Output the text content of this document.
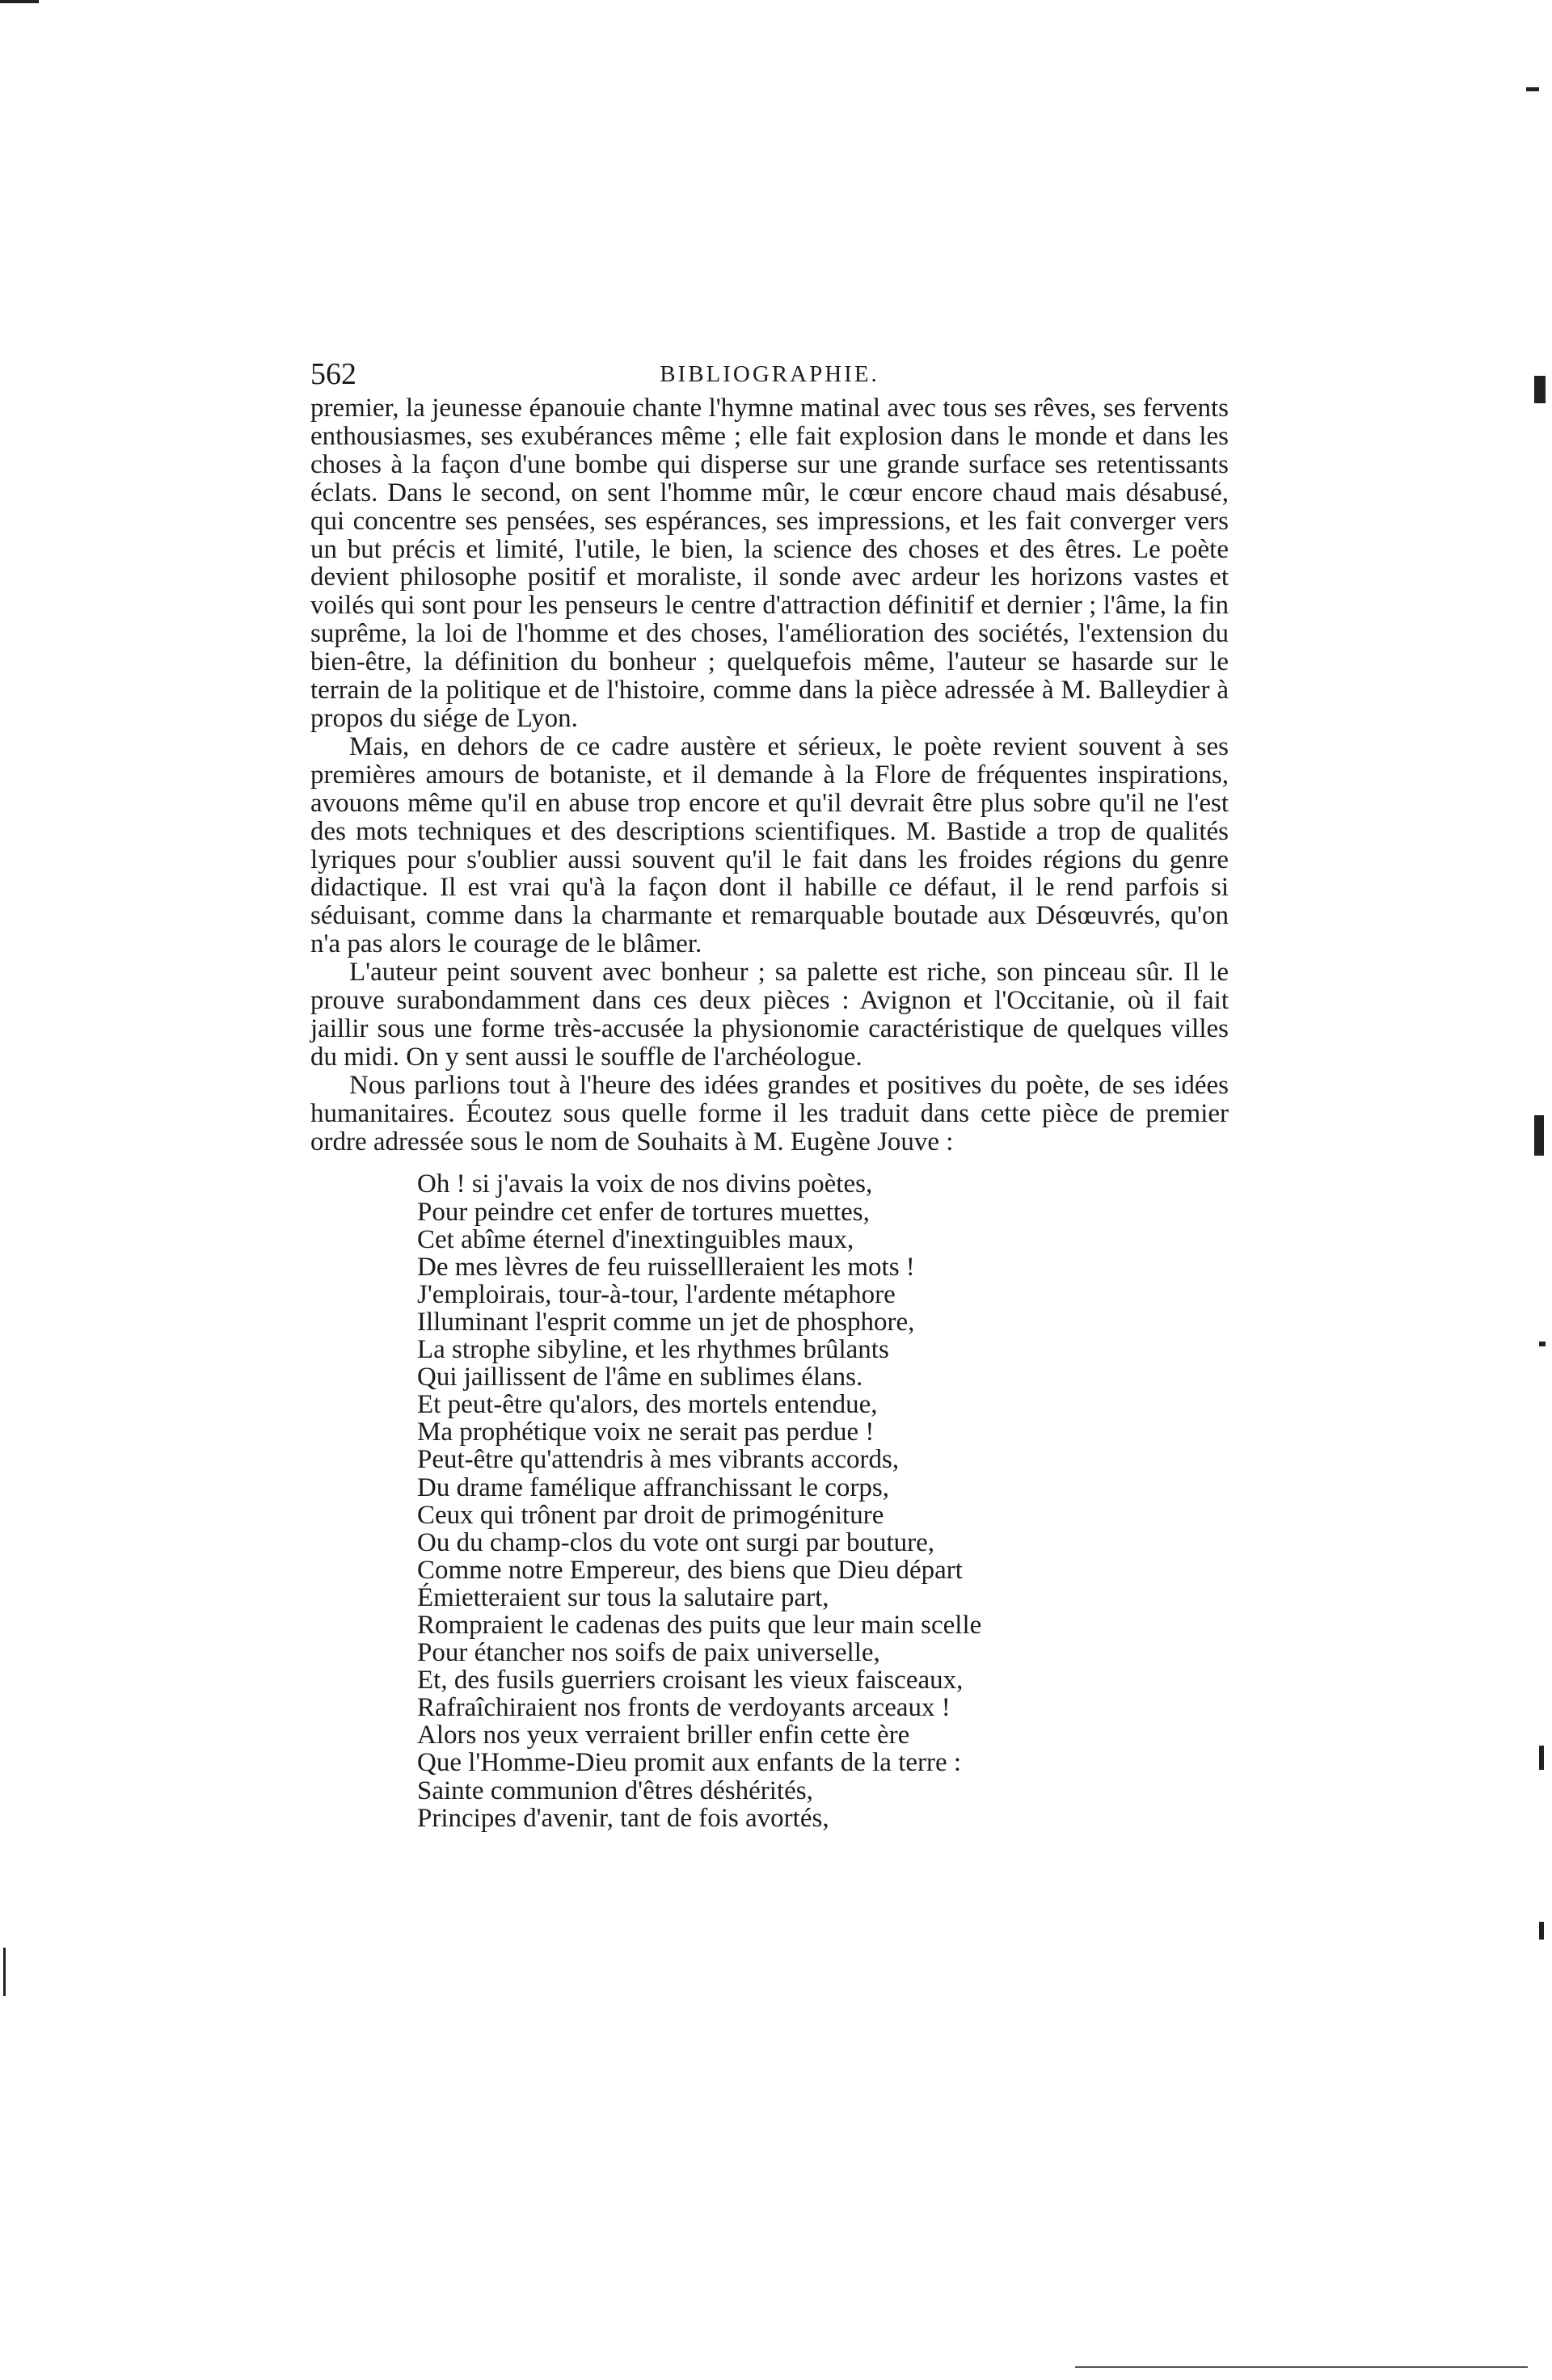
562	BIBLIOGRAPHIE.

premier, la jeunesse épanouie chante l'hymne matinal avec tous ses rêves, ses fervents enthousiasmes, ses exubérances même ; elle fait explosion dans le monde et dans les choses à la façon d'une bombe qui disperse sur une grande surface ses retentissants éclats. Dans le second, on sent l'homme mûr, le cœur encore chaud mais désabusé, qui concentre ses pensées, ses espérances, ses impressions, et les fait converger vers un but précis et limité, l'utile, le bien, la science des choses et des êtres. Le poète devient philosophe positif et moraliste, il sonde avec ardeur les horizons vastes et voilés qui sont pour les penseurs le centre d'attraction définitif et dernier ; l'âme, la fin suprême, la loi de l'homme et des choses, l'amélioration des sociétés, l'extension du bien-être, la définition du bonheur ; quelquefois même, l'auteur se hasarde sur le terrain de la politique et de l'histoire, comme dans la pièce adressée à M. Balleydier à propos du siége de Lyon.

Mais, en dehors de ce cadre austère et sérieux, le poète revient souvent à ses premières amours de botaniste, et il demande à la Flore de fréquentes inspirations, avouons même qu'il en abuse trop encore et qu'il devrait être plus sobre qu'il ne l'est des mots techniques et des descriptions scientifiques. M. Bastide a trop de qualités lyriques pour s'oublier aussi souvent qu'il le fait dans les froides régions du genre didactique. Il est vrai qu'à la façon dont il habille ce défaut, il le rend parfois si séduisant, comme dans la charmante et remarquable boutade aux Désœuvrés, qu'on n'a pas alors le courage de le blâmer.

L'auteur peint souvent avec bonheur ; sa palette est riche, son pinceau sûr. Il le prouve surabondamment dans ces deux pièces : Avignon et l'Occitanie, où il fait jaillir sous une forme très-accusée la physionomie caractéristique de quelques villes du midi. On y sent aussi le souffle de l'archéologue.

Nous parlions tout à l'heure des idées grandes et positives du poète, de ses idées humanitaires. Écoutez sous quelle forme il les traduit dans cette pièce de premier ordre adressée sous le nom de Souhaits à M. Eugène Jouve :

Oh ! si j'avais la voix de nos divins poètes,
Pour peindre cet enfer de tortures muettes,
Cet abîme éternel d'inextinguibles maux,
De mes lèvres de feu ruissellleraient les mots !
J'emploirais, tour-à-tour, l'ardente métaphore
Illuminant l'esprit comme un jet de phosphore,
La strophe sibyline, et les rhythmes brûlants
Qui jaillissent de l'âme en sublimes élans.
Et peut-être qu'alors, des mortels entendue,
Ma prophétique voix ne serait pas perdue !
Peut-être qu'attendris à mes vibrants accords,
Du drame famélique affranchissant le corps,
Ceux qui trônent par droit de primogéniture
Ou du champ-clos du vote ont surgi par bouture,
Comme notre Empereur, des biens que Dieu départ
Émietteraient sur tous la salutaire part,
Rompraient le cadenas des puits que leur main scelle
Pour étancher nos soifs de paix universelle,
Et, des fusils guerriers croisant les vieux faisceaux,
Rafraîchiraient nos fronts de verdoyants arceaux !
Alors nos yeux verraient briller enfin cette ère
Que l'Homme-Dieu promit aux enfants de la terre :
Sainte communion d'êtres déshérités,
Principes d'avenir, tant de fois avortés,
